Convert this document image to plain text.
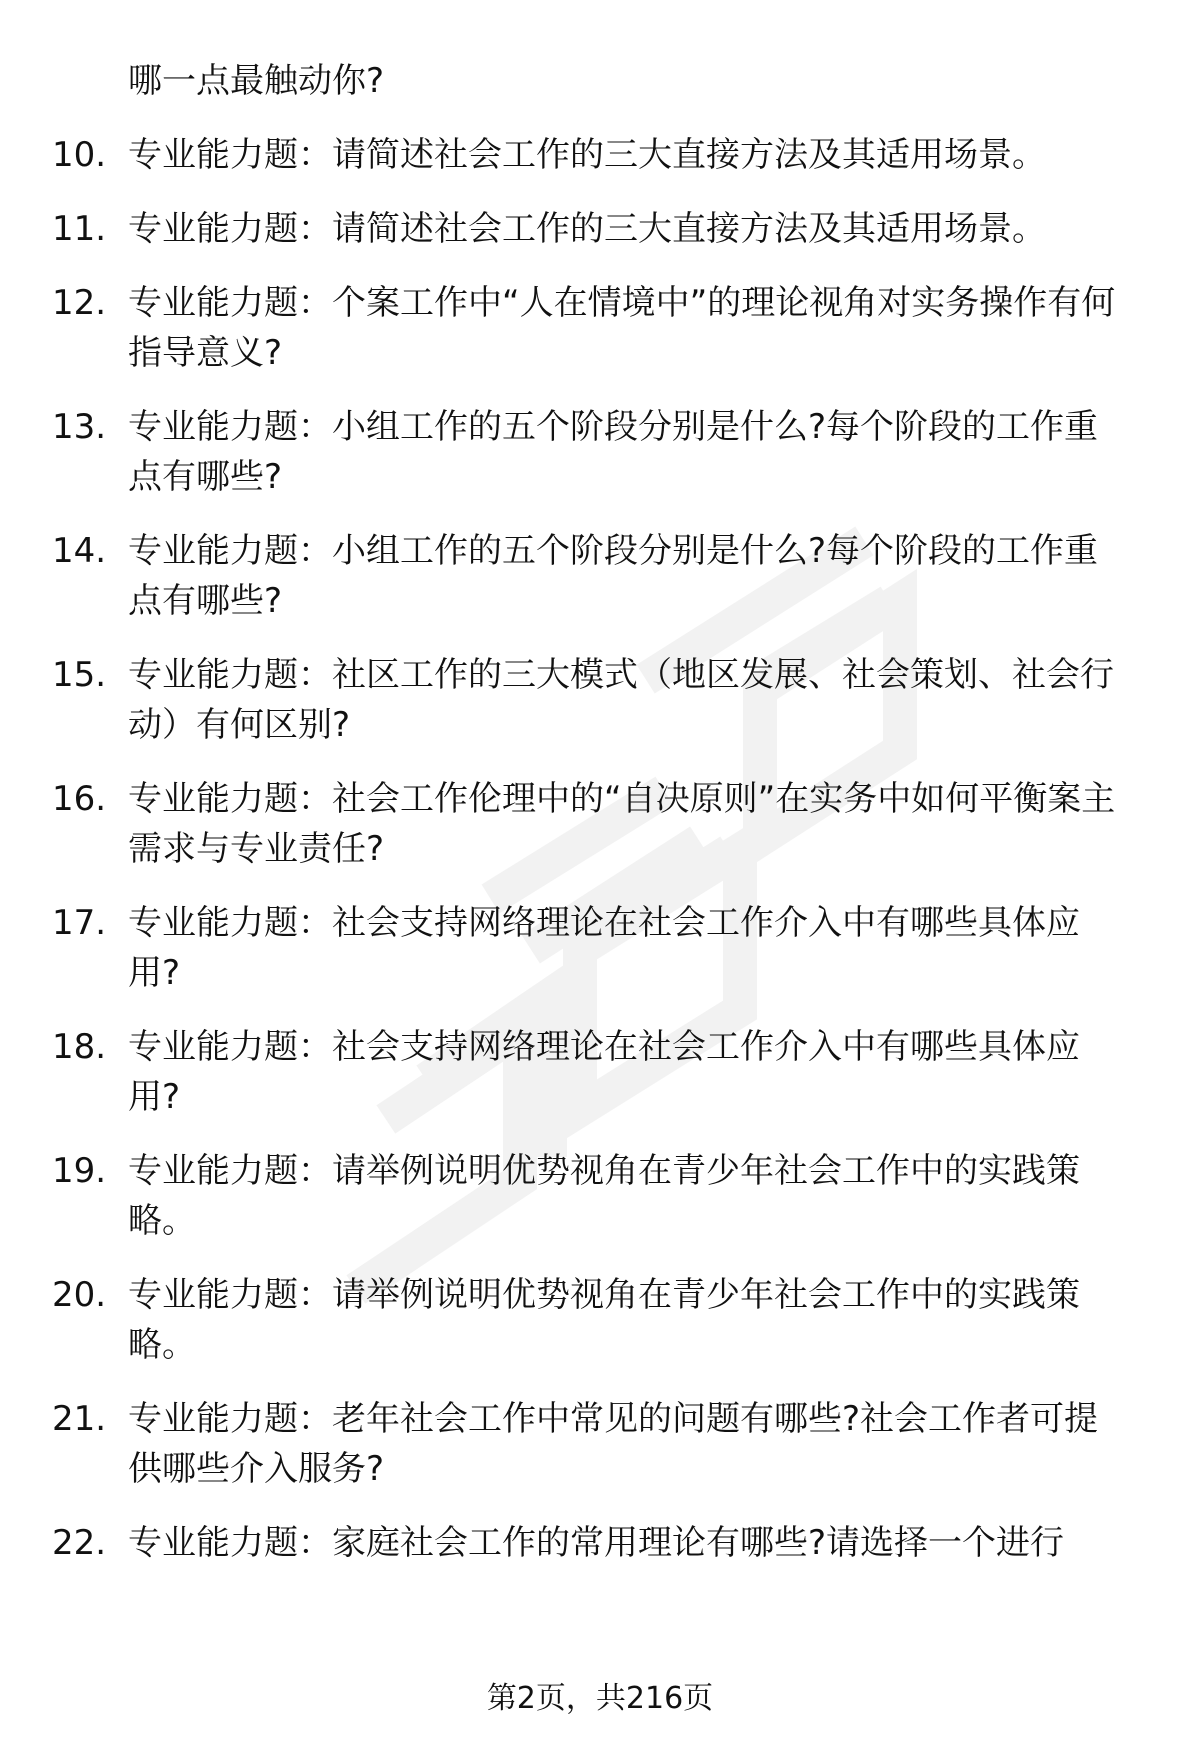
哪一点最触动你?
10. 专业能力题：请简述社会工作的三大直接方法及其适用场景。
11. 专业能力题：请简述社会工作的三大直接方法及其适用场景。
12. 专业能力题：个案工作中“人在情境中”的理论视角对实务操作有何指导意义?
13. 专业能力题：小组工作的五个阶段分别是什么?每个阶段的工作重点有哪些?
14. 专业能力题：小组工作的五个阶段分别是什么?每个阶段的工作重点有哪些?
15. 专业能力题：社区工作的三大模式（地区发展、社会策划、社会行动）有何区别?
16. 专业能力题：社会工作伦理中的“自决原则”在实务中如何平衡案主需求与专业责任?
17. 专业能力题：社会支持网络理论在社会工作介入中有哪些具体应用?
18. 专业能力题：社会支持网络理论在社会工作介入中有哪些具体应用?
19. 专业能力题：请举例说明优势视角在青少年社会工作中的实践策略。
20. 专业能力题：请举例说明优势视角在青少年社会工作中的实践策略。
21. 专业能力题：老年社会工作中常见的问题有哪些?社会工作者可提供哪些介入服务?
22. 专业能力题：家庭社会工作的常用理论有哪些?请选择一个进行
第2页，共216页
